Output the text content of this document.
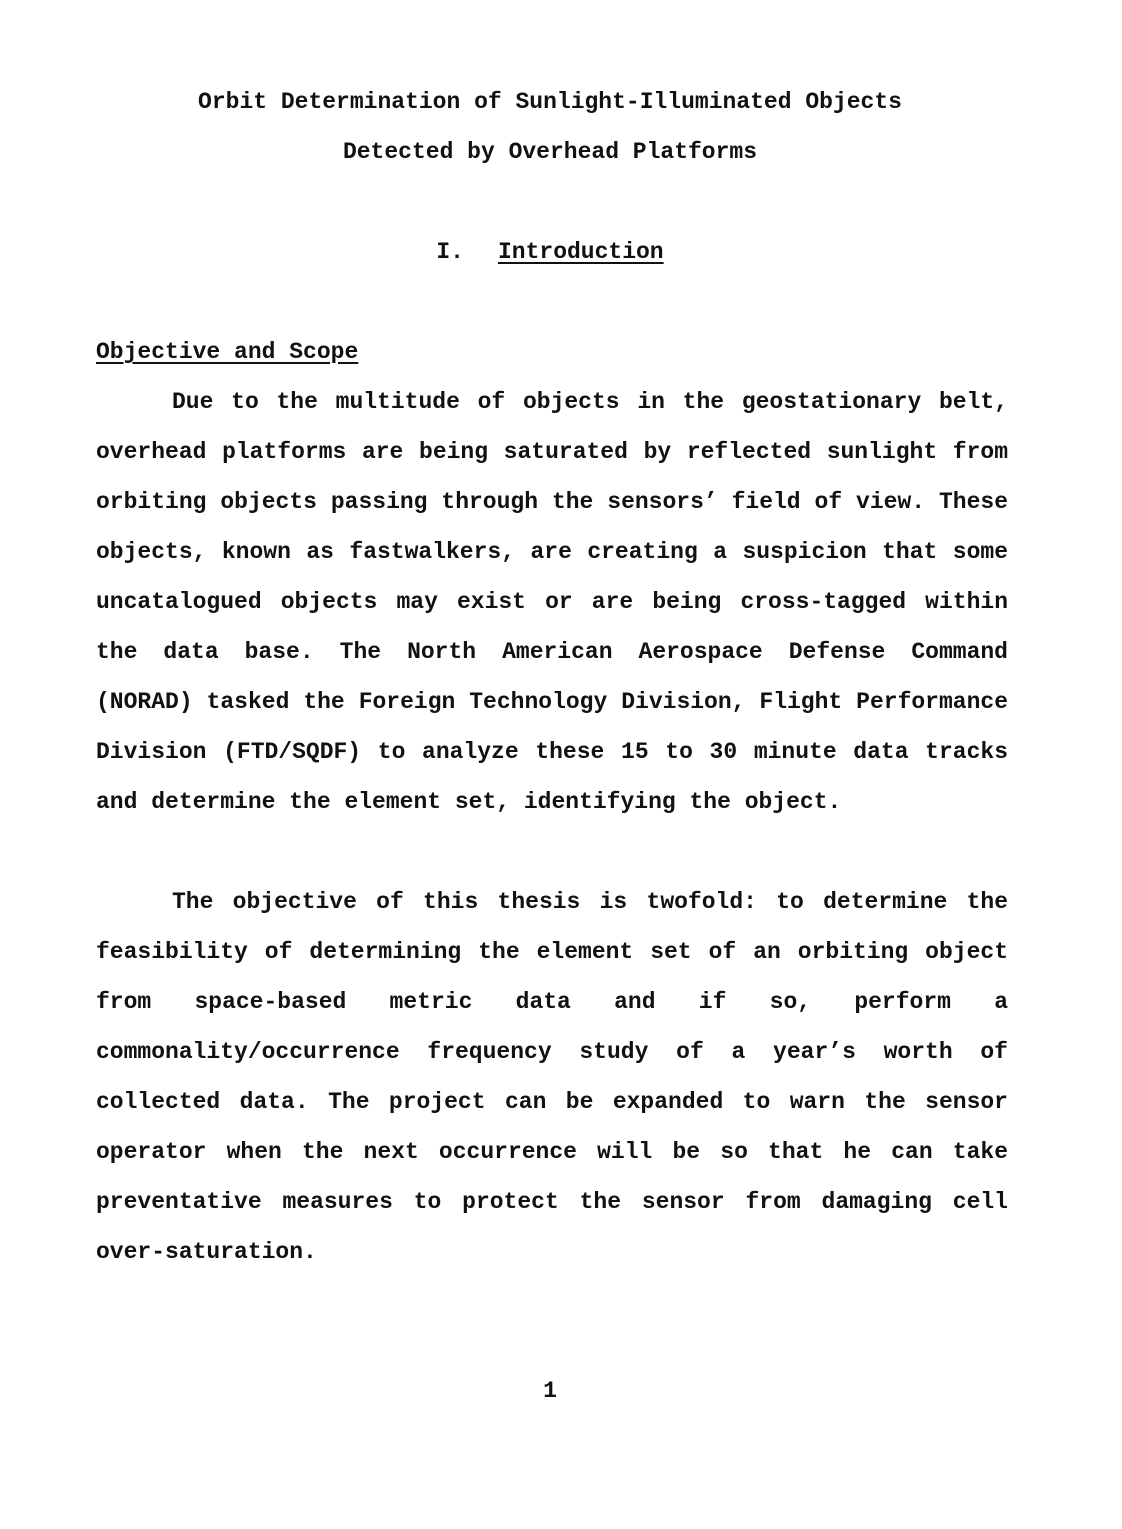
Orbit Determination of Sunlight-Illuminated Objects
Detected by Overhead Platforms
I. Introduction
Objective and Scope

Due to the multitude of objects in the geostationary belt, overhead platforms are being saturated by reflected sunlight from orbiting objects passing through the sensors’ field of view. These objects, known as fastwalkers, are creating a suspicion that some uncatalogued objects may exist or are being cross-tagged within the data base. The North American Aerospace Defense Command (NORAD) tasked the Foreign Technology Division, Flight Performance Division (FTD/SQDF) to analyze these 15 to 30 minute data tracks and determine the element set, identifying the object.

The objective of this thesis is twofold: to determine the feasibility of determining the element set of an orbiting object from space-based metric data and if so, perform a commonality/occurrence frequency study of a year’s worth of collected data. The project can be expanded to warn the sensor operator when the next occurrence will be so that he can take preventative measures to protect the sensor from damaging cell over-saturation.

1
